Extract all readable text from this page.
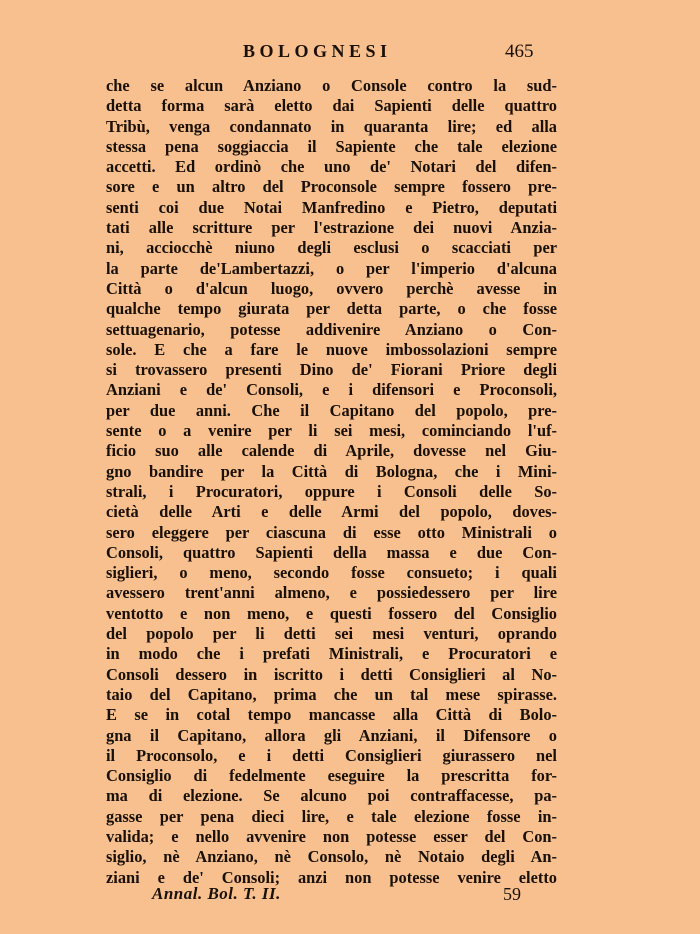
BOLOGNESI	465
che se alcun Anziano o Console contro la sud-
detta forma sarà eletto dai Sapienti delle quattro
Tribù, venga condannato in quaranta lire; ed alla
stessa pena soggiaccia il Sapiente che tale elezione
accetti. Ed ordinò che uno de' Notari del difen-
sore e un altro del Proconsole sempre fossero pre-
senti coi due Notai Manfredino e Pietro, deputati
tati alle scritture per l'estrazione dei nuovi Anzia-
ni, acciocchè niuno degli esclusi o scacciati per
la parte de'Lambertazzi, o per l'imperio d'alcuna
Città o d'alcun luogo, ovvero perchè avesse in
qualche tempo giurata per detta parte, o che fosse
settuagenario, potesse addivenire Anziano o Con-
sole. E che a fare le nuove imbossolazioni sempre
si trovassero presenti Dino de' Fiorani Priore degli
Anziani e de' Consoli, e i difensori e Proconsoli,
per due anni. Che il Capitano del popolo, pre-
sente o a venire per li sei mesi, cominciando l'uf-
ficio suo alle calende di Aprile, dovesse nel Giu-
gno bandire per la Città di Bologna, che i Mini-
strali, i Procuratori, oppure i Consoli delle So-
cietà delle Arti e delle Armi del popolo, doves-
sero eleggere per ciascuna di esse otto Ministrali o
Consoli, quattro Sapienti della massa e due Con-
siglieri, o meno, secondo fosse consueto; i quali
avessero trent'anni almeno, e possiedessero per lire
ventotto e non meno, e questi fossero del Consiglio
del popolo per li detti sei mesi venturi, oprando
in modo che i prefati Ministrali, e Procuratori e
Consoli dessero in iscritto i detti Consiglieri al No-
taio del Capitano, prima che un tal mese spirasse.
E se in cotal tempo mancasse alla Città di Bolo-
gna il Capitano, allora gli Anziani, il Difensore o
il Proconsolo, e i detti Consiglieri giurassero nel
Consiglio di fedelmente eseguire la prescritta for-
ma di elezione. Se alcuno poi contraffacesse, pa-
gasse per pena dieci lire, e tale elezione fosse in-
valida; e nello avvenire non potesse esser del Con-
siglio, nè Anziano, nè Consolo, nè Notaio degli An-
ziani e de' Consoli; anzi non potesse venire eletto
Annal. Bol. T. II.	59
